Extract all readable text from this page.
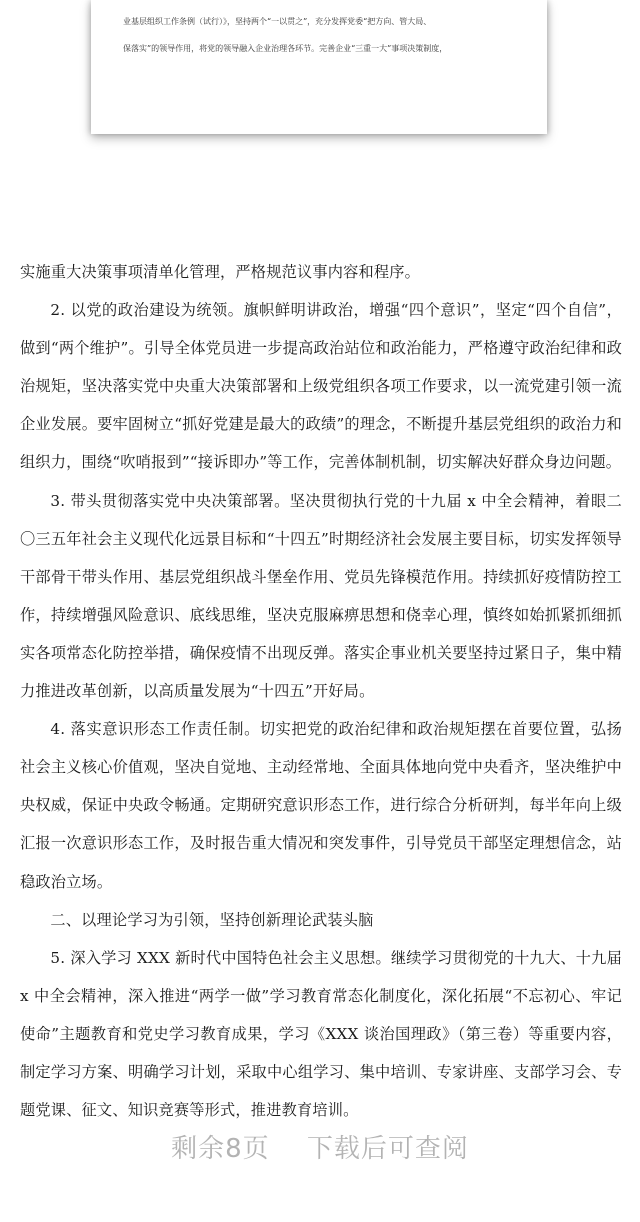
业基层组织工作条例（试行）》，坚持两个“一以贯之”，充分发挥党委“把方向、管大局、

保落实”的领导作用，将党的领导融入企业治理各环节。完善企业“三重一大”事项决策制度，

实施重大决策事项清单化管理，严格规范议事内容和程序。

2. 以党的政治建设为统领。旗帜鲜明讲政治，增强“四个意识”，坚定“四个自信”，做到“两个维护”。引导全体党员进一步提高政治站位和政治能力，严格遵守政治纪律和政治规矩，坚决落实党中央重大决策部署和上级党组织各项工作要求，以一流党建引领一流企业发展。要牢固树立“抓好党建是最大的政绩”的理念，不断提升基层党组织的政治力和组织力，围绕“吹哨报到”“接诉即办”等工作，完善体制机制，切实解决好群众身边问题。

3. 带头贯彻落实党中央决策部署。坚决贯彻执行党的十九届 x 中全会精神，着眼二〇三五年社会主义现代化远景目标和“十四五”时期经济社会发展主要目标，切实发挥领导干部骨干带头作用、基层党组织战斗堡垒作用、党员先锋模范作用。持续抓好疫情防控工作，持续增强风险意识、底线思维，坚决克服麻痹思想和侥幸心理，慎终如始抓紧抓细抓实各项常态化防控举措，确保疫情不出现反弹。落实企事业机关要坚持过紧日子，集中精力推进改革创新，以高质量发展为“十四五”开好局。

4. 落实意识形态工作责任制。切实把党的政治纪律和政治规矩摆在首要位置，弘扬社会主义核心价值观，坚决自觉地、主动经常地、全面具体地向党中央看齐，坚决维护中央权威，保证中央政令畅通。定期研究意识形态工作，进行综合分析研判，每半年向上级汇报一次意识形态工作，及时报告重大情况和突发事件，引导党员干部坚定理想信念，站稳政治立场。

二、以理论学习为引领，坚持创新理论武装头脑

5. 深入学习 XXX 新时代中国特色社会主义思想。继续学习贯彻党的十九大、十九届 x 中全会精神，深入推进“两学一做”学习教育常态化制度化，深化拓展“不忘初心、牢记使命”主题教育和党史学习教育成果，学习《XXX 谈治国理政》（第三卷）等重要内容，制定学习方案、明确学习计划，采取中心组学习、集中培训、专家讲座、支部学习会、专题党课、征文、知识竞赛等形式，推进教育培训。

剩余8页 下载后可查阅
